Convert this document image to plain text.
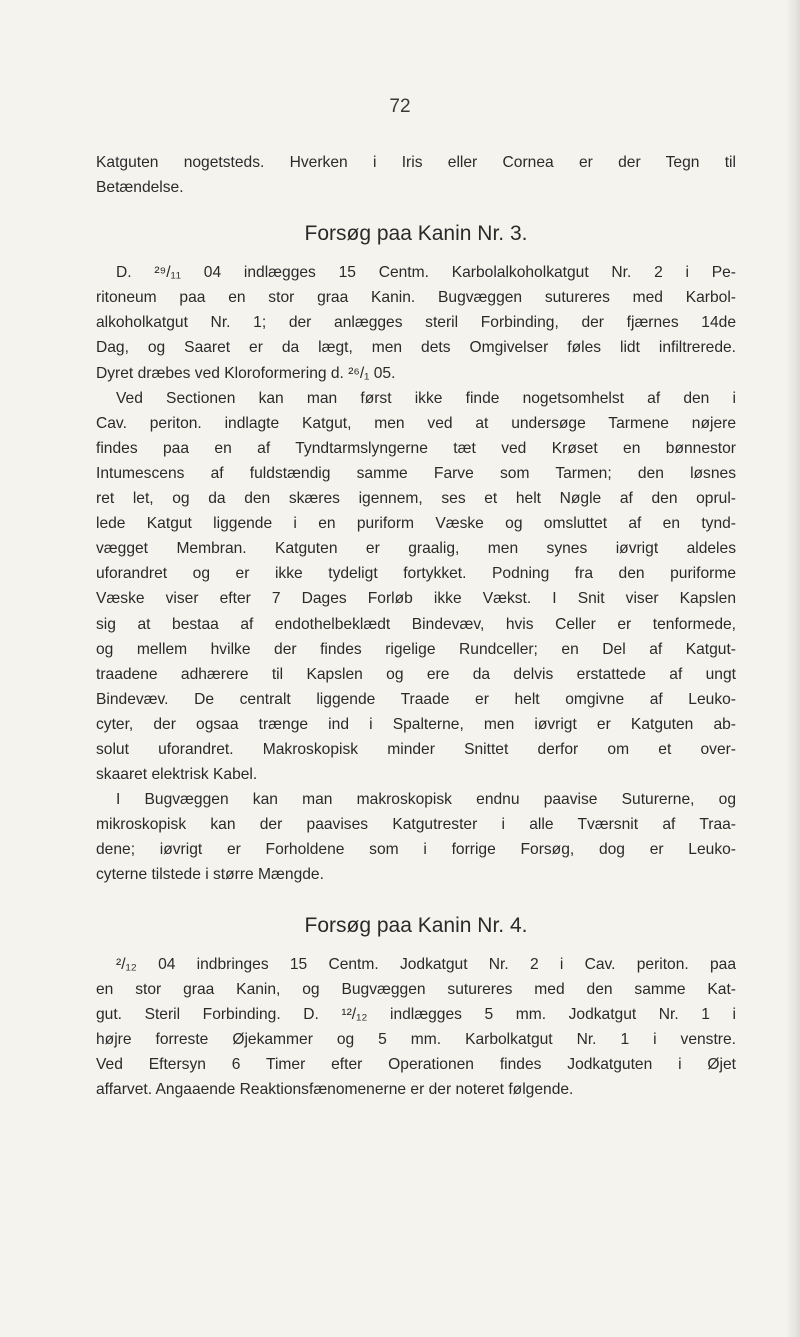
72

Katguten nogetsteds. Hverken i Iris eller Cornea er der Tegn til

Betændelse.

Forsøg paa Kanin Nr. 3.

D. ²⁹/₁₁ 04 indlægges 15 Centm. Karbolalkoholkatgut Nr. 2 i Pe-

ritoneum paa en stor graa Kanin. Bugvæggen sutureres med Karbol-

alkoholkatgut Nr. 1; der anlægges steril Forbinding, der fjærnes 14de

Dag, og Saaret er da lægt, men dets Omgivelser føles lidt infiltrerede.

Dyret dræbes ved Kloroformering d. ²⁶/₁ 05.

Ved Sectionen kan man først ikke finde nogetsomhelst af den i

Cav. periton. indlagte Katgut, men ved at undersøge Tarmene nøjere

findes paa en af Tyndtarmslyngerne tæt ved Krøset en bønnestor

Intumescens af fuldstændig samme Farve som Tarmen; den løsnes

ret let, og da den skæres igennem, ses et helt Nøgle af den oprul-

lede Katgut liggende i en puriform Væske og omsluttet af en tynd-

vægget Membran. Katguten er graalig, men synes iøvrigt aldeles

uforandret og er ikke tydeligt fortykket. Podning fra den puriforme

Væske viser efter 7 Dages Forløb ikke Vækst. I Snit viser Kapslen

sig at bestaa af endothelbeklædt Bindevæv, hvis Celler er tenformede,

og mellem hvilke der findes rigelige Rundceller; en Del af Katgut-

traadene adhærere til Kapslen og ere da delvis erstattede af ungt

Bindevæv. De centralt liggende Traade er helt omgivne af Leuko-

cyter, der ogsaa trænge ind i Spalterne, men iøvrigt er Katguten ab-

solut uforandret. Makroskopisk minder Snittet derfor om et over-

skaaret elektrisk Kabel.

I Bugvæggen kan man makroskopisk endnu paavise Suturerne, og

mikroskopisk kan der paavises Katgutrester i alle Tværsnit af Traa-

dene; iøvrigt er Forholdene som i forrige Forsøg, dog er Leuko-

cyterne tilstede i større Mængde.

Forsøg paa Kanin Nr. 4.

²/₁₂ 04 indbringes 15 Centm. Jodkatgut Nr. 2 i Cav. periton. paa

en stor graa Kanin, og Bugvæggen sutureres med den samme Kat-

gut. Steril Forbinding. D. ¹²/₁₂ indlægges 5 mm. Jodkatgut Nr. 1 i

højre forreste Øjekammer og 5 mm. Karbolkatgut Nr. 1 i venstre.

Ved Eftersyn 6 Timer efter Operationen findes Jodkatguten i Øjet

affarvet. Angaaende Reaktionsfænomenerne er der noteret følgende.
